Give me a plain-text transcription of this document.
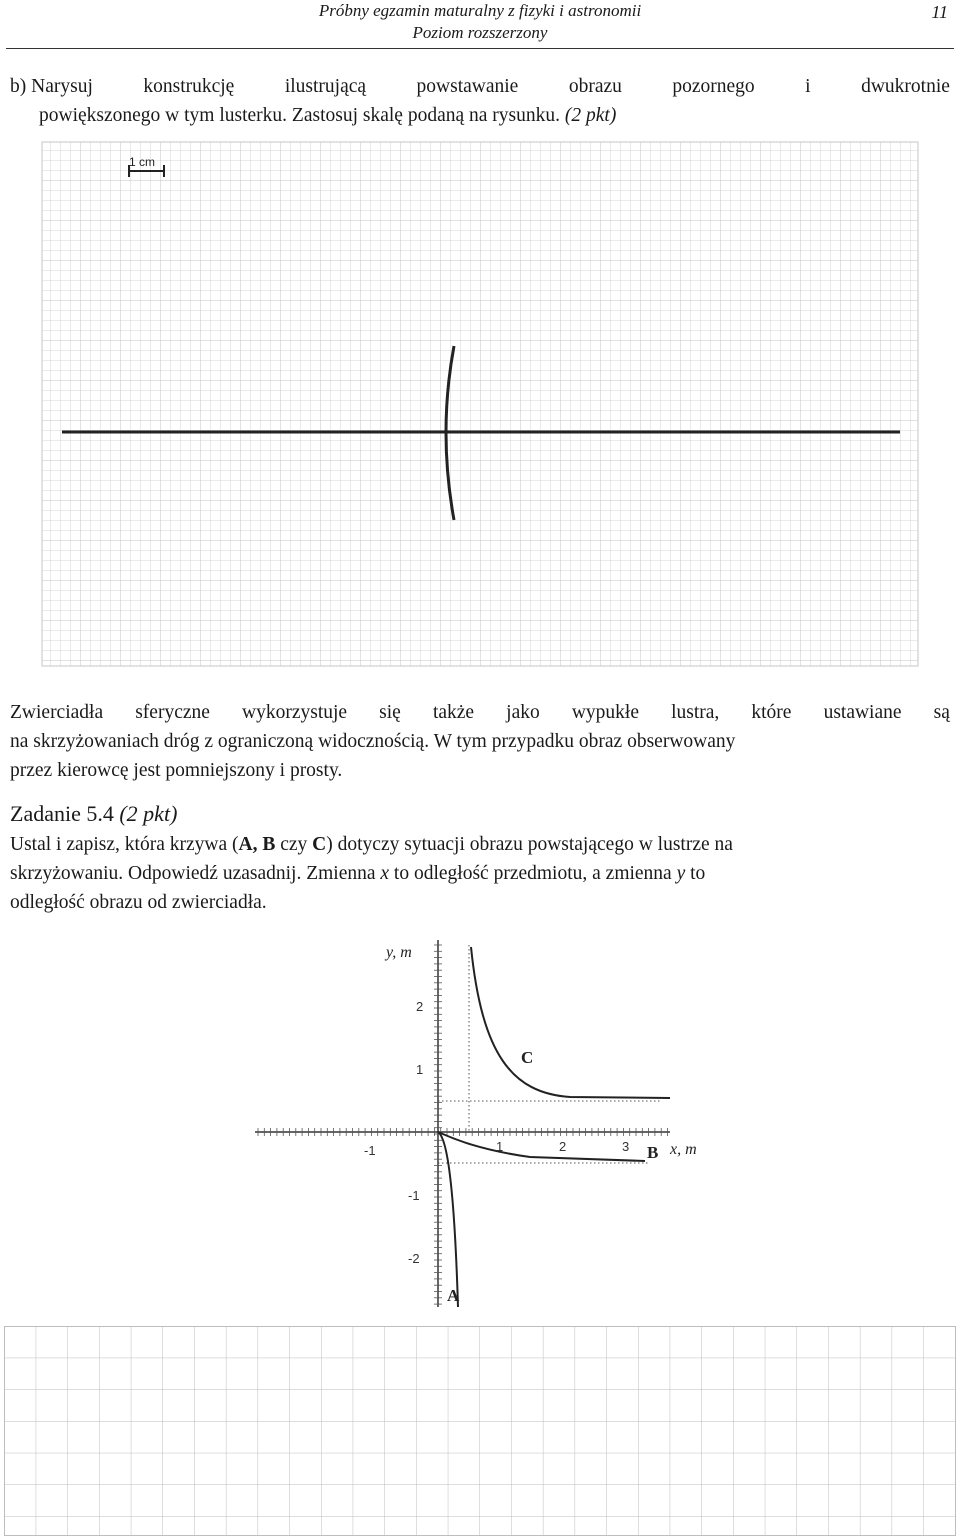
Próbny egzamin maturalny z fizyki i astronomii
Poziom rozszerzony
11
b) Narysuj	konstrukcję	ilustrującą	powstawanie	obrazu	pozornego	i	dwukrotnie
powiększonego w tym lusterku. Zastosuj skalę podaną na rysunku. (2 pkt)
1 cm
Zwierciadła sferyczne wykorzystuje się także jako wypukłe lustra, które ustawiane są
na skrzyżowaniach dróg z ograniczoną widocznością. W tym przypadku obraz obserwowany
przez kierowcę jest pomniejszony i prosty.
Zadanie 5.4 (2 pkt)
Ustal i zapisz, która krzywa (A, B czy C) dotyczy sytuacji obrazu powstającego w lustrze na
skrzyżowaniu. Odpowiedź uzasadnij. Zmienna x to odległość przedmiotu, a zmienna y to
odległość obrazu od zwierciadła.
y, m
x, m
2
1
-1
-2
-1	1	2	3
C
B
A
